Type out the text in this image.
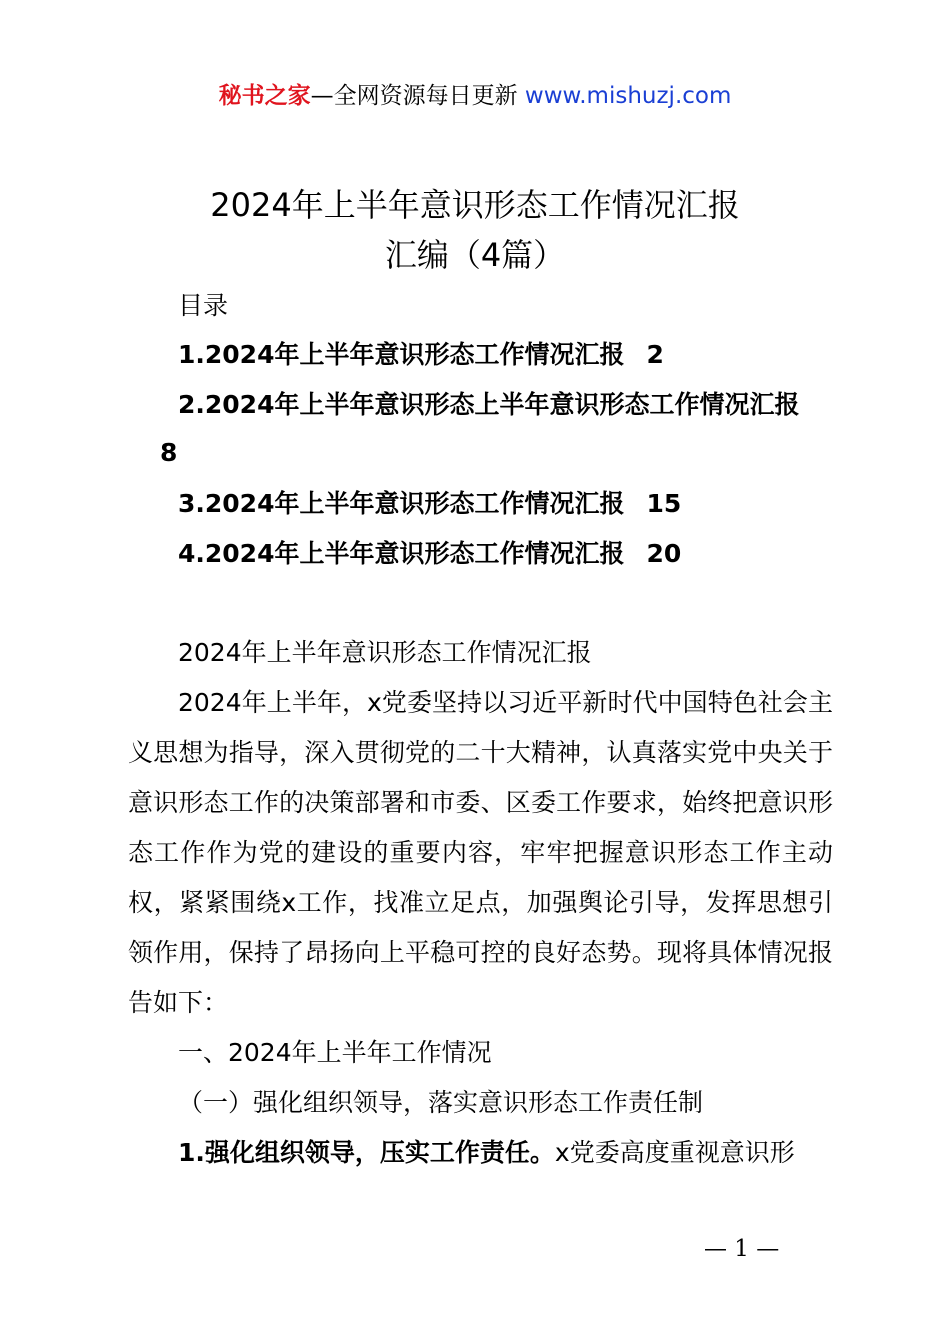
秘书之家—全网资源每日更新 www.mishuzj.com
2024年上半年意识形态工作情况汇报
汇编（4篇）
目录
1.2024年上半年意识形态工作情况汇报 2
2.2024年上半年意识形态上半年意识形态工作情况汇报
8
3.2024年上半年意识形态工作情况汇报 15
4.2024年上半年意识形态工作情况汇报 20
2024年上半年意识形态工作情况汇报
2024年上半年，x党委坚持以习近平新时代中国特色社会主义思想为指导，深入贯彻党的二十大精神，认真落实党中央关于意识形态工作的决策部署和市委、区委工作要求，始终把意识形态工作作为党的建设的重要内容，牢牢把握意识形态工作主动权，紧紧围绕x工作，找准立足点，加强舆论引导，发挥思想引领作用，保持了昂扬向上平稳可控的良好态势。现将具体情况报告如下：
一、2024年上半年工作情况
（一）强化组织领导，落实意识形态工作责任制
1.强化组织领导，压实工作责任。x党委高度重视意识形
— 1 —
